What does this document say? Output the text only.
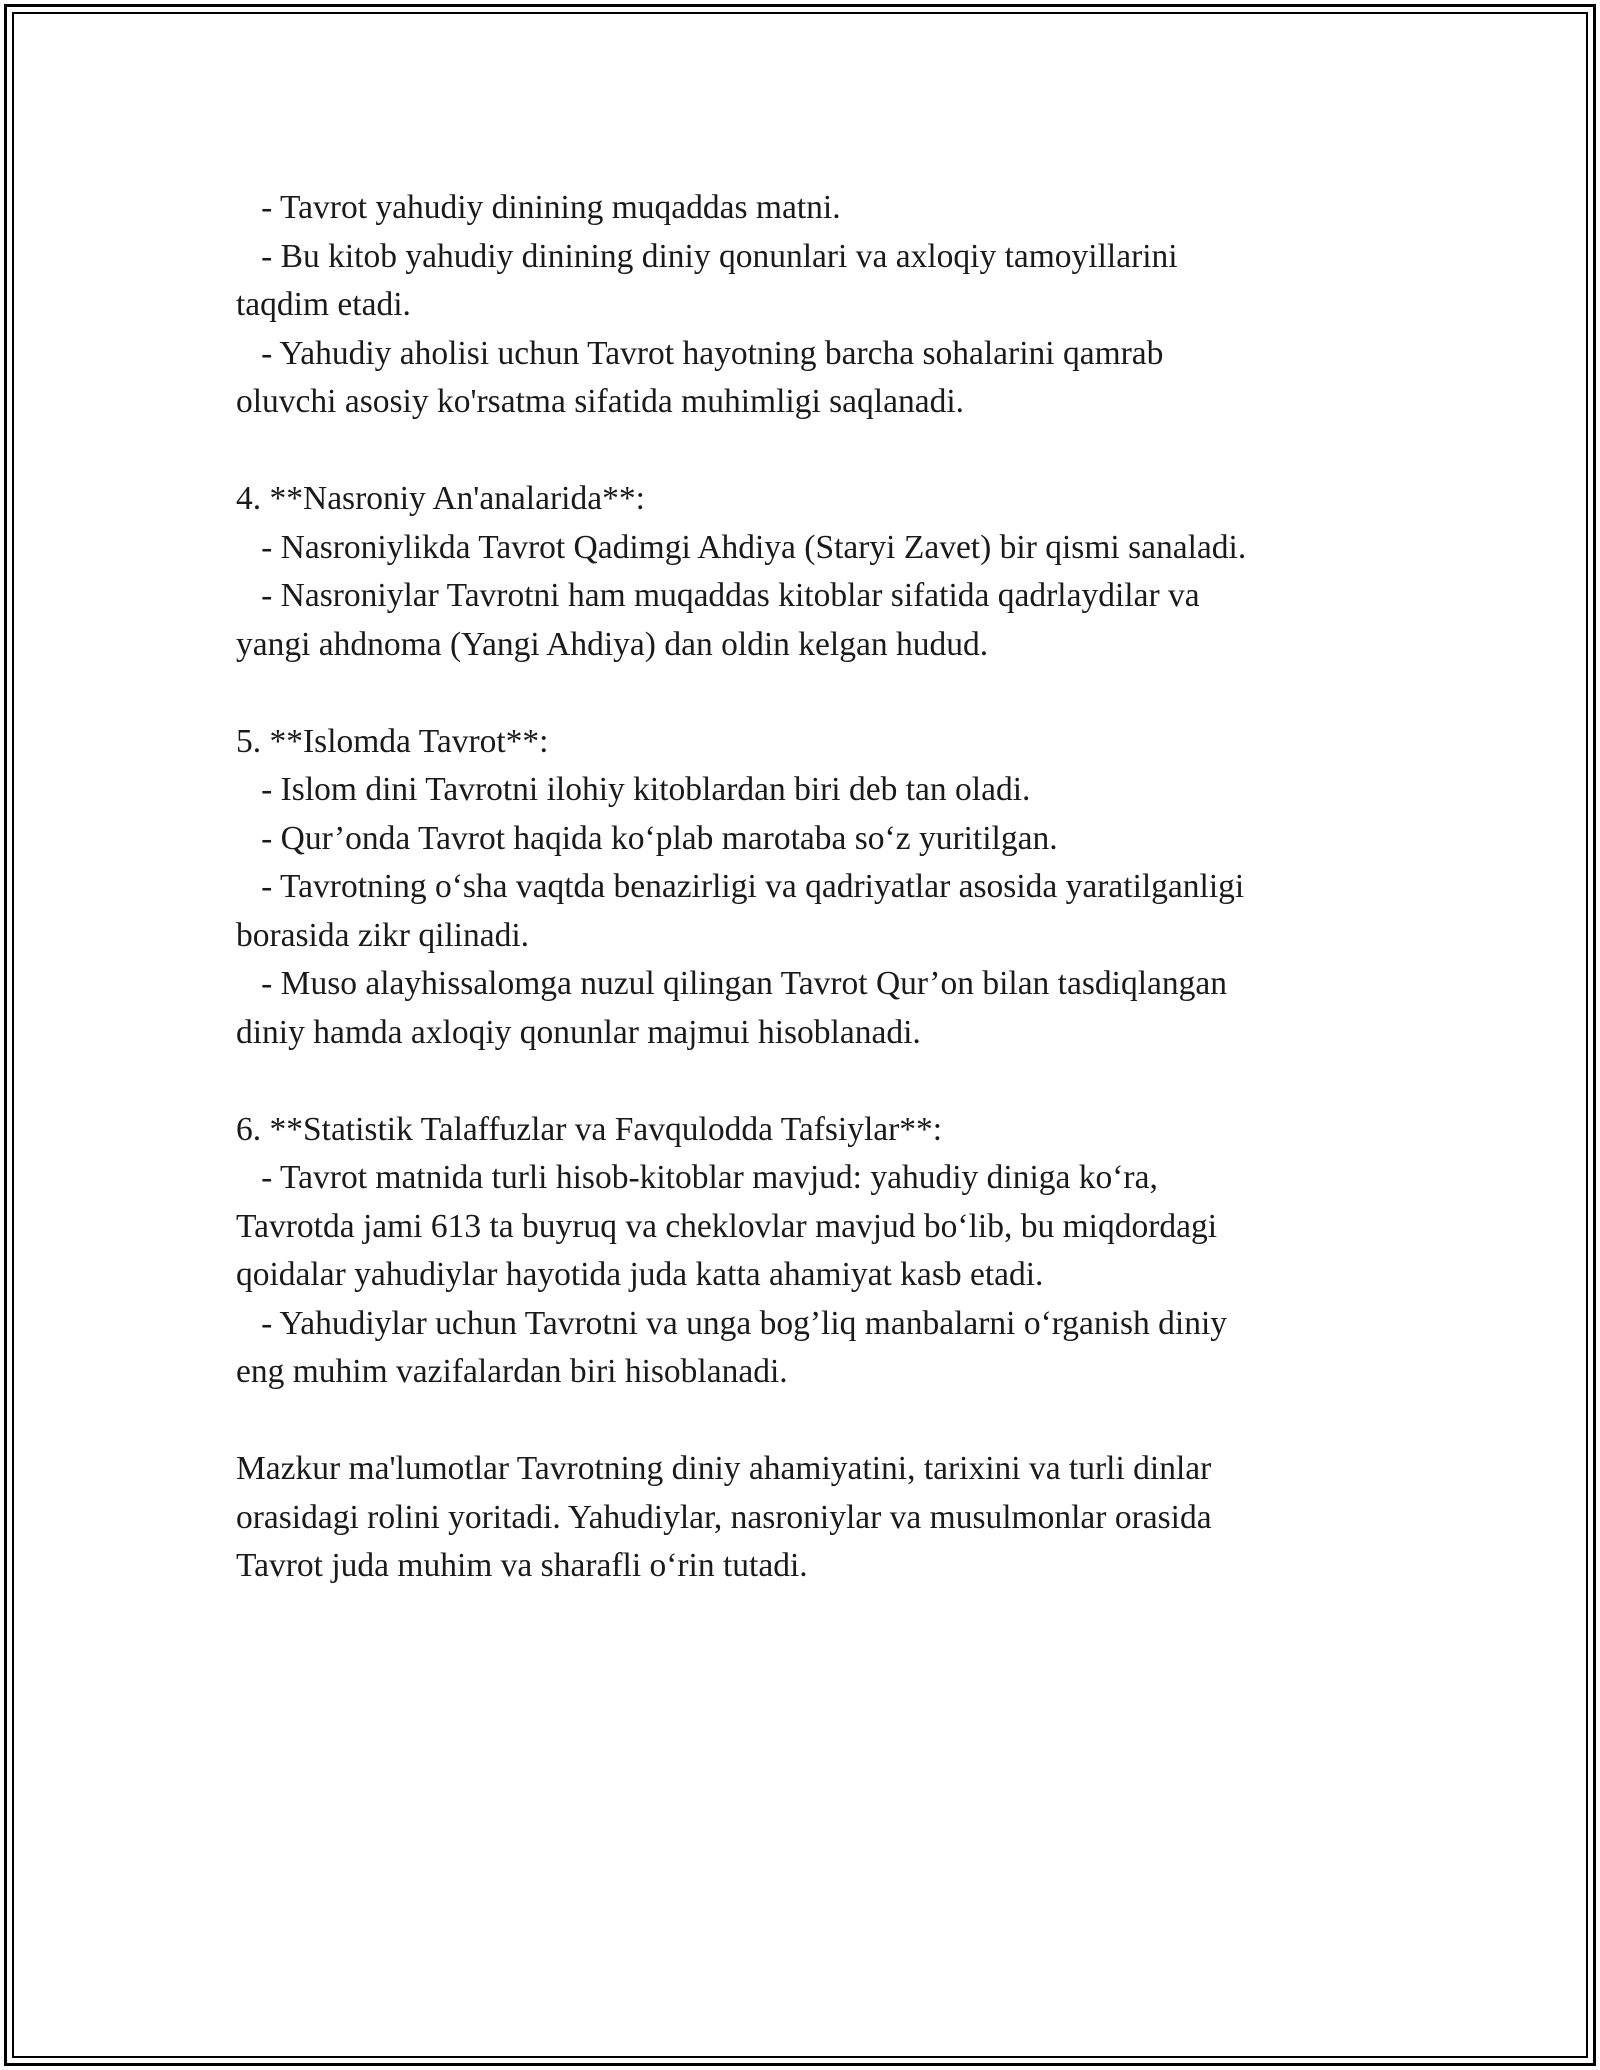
- Tavrot yahudiy dinining muqaddas matni.
- Bu kitob yahudiy dinining diniy qonunlari va axloqiy tamoyillarini
taqdim etadi.
- Yahudiy aholisi uchun Tavrot hayotning barcha sohalarini qamrab
oluvchi asosiy ko'rsatma sifatida muhimligi saqlanadi.
4. **Nasroniy An'analarida**:
- Nasroniylikda Tavrot Qadimgi Ahdiya (Staryi Zavet) bir qismi sanaladi.
- Nasroniylar Tavrotni ham muqaddas kitoblar sifatida qadrlaydilar va
yangi ahdnoma (Yangi Ahdiya) dan oldin kelgan hudud.
5. **Islomda Tavrot**:
- Islom dini Tavrotni ilohiy kitoblardan biri deb tan oladi.
- Qur’onda Tavrot haqida ko‘plab marotaba so‘z yuritilgan.
- Tavrotning o‘sha vaqtda benazirligi va qadriyatlar asosida yaratilganligi
borasida zikr qilinadi.
- Muso alayhissalomga nuzul qilingan Tavrot Qur’on bilan tasdiqlangan
diniy hamda axloqiy qonunlar majmui hisoblanadi.
6. **Statistik Talaffuzlar va Favqulodda Tafsiylar**:
- Tavrot matnida turli hisob-kitoblar mavjud: yahudiy diniga ko‘ra,
Tavrotda jami 613 ta buyruq va cheklovlar mavjud bo‘lib, bu miqdordagi
qoidalar yahudiylar hayotida juda katta ahamiyat kasb etadi.
- Yahudiylar uchun Tavrotni va unga bog’liq manbalarni o‘rganish diniy
eng muhim vazifalardan biri hisoblanadi.
Mazkur ma'lumotlar Tavrotning diniy ahamiyatini, tarixini va turli dinlar
orasidagi rolini yoritadi. Yahudiylar, nasroniylar va musulmonlar orasida
Tavrot juda muhim va sharafli o‘rin tutadi.
